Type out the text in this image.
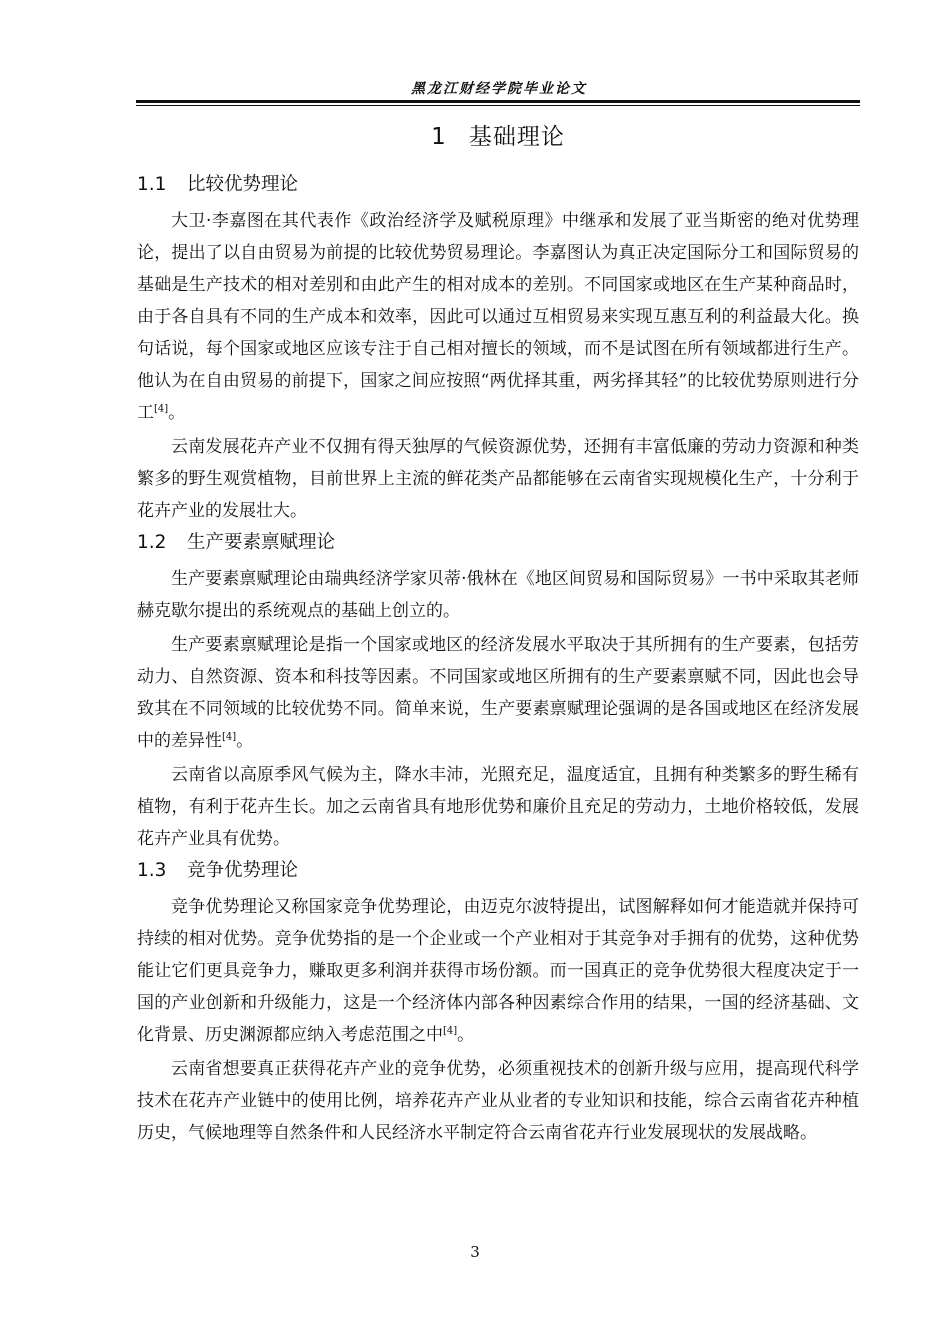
黑龙江财经学院毕业论文
1 基础理论
1.1 比较优势理论

大卫·李嘉图在其代表作《政治经济学及赋税原理》中继承和发展了亚当斯密的绝对优势理论，提出了以自由贸易为前提的比较优势贸易理论。李嘉图认为真正决定国际分工和国际贸易的基础是生产技术的相对差别和由此产生的相对成本的差别。不同国家或地区在生产某种商品时，由于各自具有不同的生产成本和效率，因此可以通过互相贸易来实现互惠互利的利益最大化。换句话说，每个国家或地区应该专注于自己相对擅长的领域，而不是试图在所有领域都进行生产。他认为在自由贸易的前提下，国家之间应按照“两优择其重，两劣择其轻”的比较优势原则进行分工[4]。

云南发展花卉产业不仅拥有得天独厚的气候资源优势，还拥有丰富低廉的劳动力资源和种类繁多的野生观赏植物，目前世界上主流的鲜花类产品都能够在云南省实现规模化生产，十分利于花卉产业的发展壮大。

1.2 生产要素禀赋理论

生产要素禀赋理论由瑞典经济学家贝蒂·俄林在《地区间贸易和国际贸易》一书中采取其老师赫克歇尔提出的系统观点的基础上创立的。

生产要素禀赋理论是指一个国家或地区的经济发展水平取决于其所拥有的生产要素，包括劳动力、自然资源、资本和科技等因素。不同国家或地区所拥有的生产要素禀赋不同，因此也会导致其在不同领域的比较优势不同。简单来说，生产要素禀赋理论强调的是各国或地区在经济发展中的差异性[4]。

云南省以高原季风气候为主，降水丰沛，光照充足，温度适宜，且拥有种类繁多的野生稀有植物，有利于花卉生长。加之云南省具有地形优势和廉价且充足的劳动力，土地价格较低，发展花卉产业具有优势。

1.3 竞争优势理论

竞争优势理论又称国家竞争优势理论，由迈克尔波特提出，试图解释如何才能造就并保持可持续的相对优势。竞争优势指的是一个企业或一个产业相对于其竞争对手拥有的优势，这种优势能让它们更具竞争力，赚取更多利润并获得市场份额。而一国真正的竞争优势很大程度决定于一国的产业创新和升级能力，这是一个经济体内部各种因素综合作用的结果，一国的经济基础、文化背景、历史渊源都应纳入考虑范围之中[4]。

云南省想要真正获得花卉产业的竞争优势，必须重视技术的创新升级与应用，提高现代科学技术在花卉产业链中的使用比例，培养花卉产业从业者的专业知识和技能，综合云南省花卉种植历史，气候地理等自然条件和人民经济水平制定符合云南省花卉行业发展现状的发展战略。

3
